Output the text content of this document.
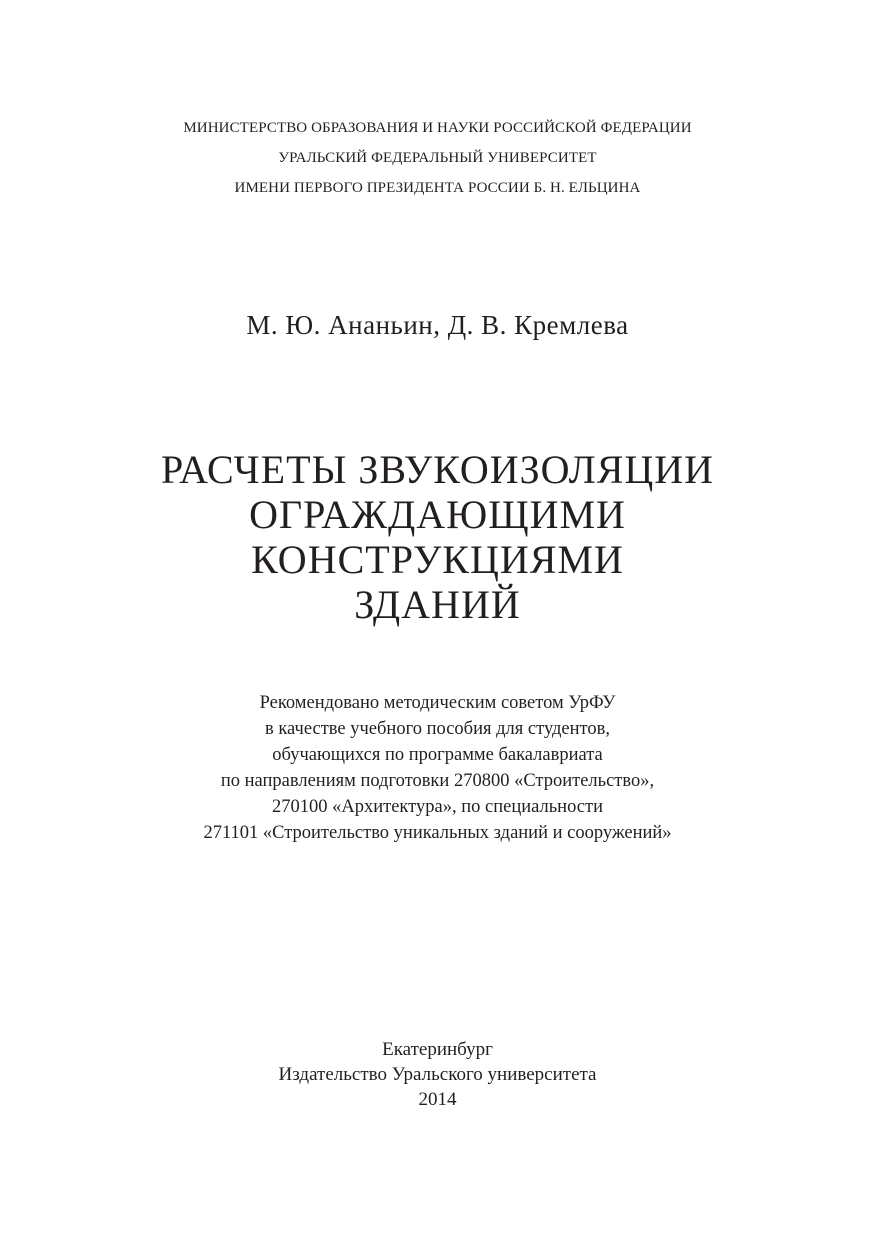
МИНИСТЕРСТВО ОБРАЗОВАНИЯ И НАУКИ РОССИЙСКОЙ ФЕДЕРАЦИИ
УРАЛЬСКИЙ ФЕДЕРАЛЬНЫЙ УНИВЕРСИТЕТ
ИМЕНИ ПЕРВОГО ПРЕЗИДЕНТА РОССИИ Б. Н. ЕЛЬЦИНА
М. Ю. Ананьин, Д. В. Кремлева
РАСЧЕТЫ ЗВУКОИЗОЛЯЦИИ
ОГРАЖДАЮЩИМИ
КОНСТРУКЦИЯМИ
ЗДАНИЙ
Рекомендовано методическим советом УрФУ
в качестве учебного пособия для студентов,
обучающихся по программе бакалавриата
по направлениям подготовки 270800 «Строительство»,
270100 «Архитектура», по специальности
271101 «Строительство уникальных зданий и сооружений»
Екатеринбург
Издательство Уральского университета
2014
